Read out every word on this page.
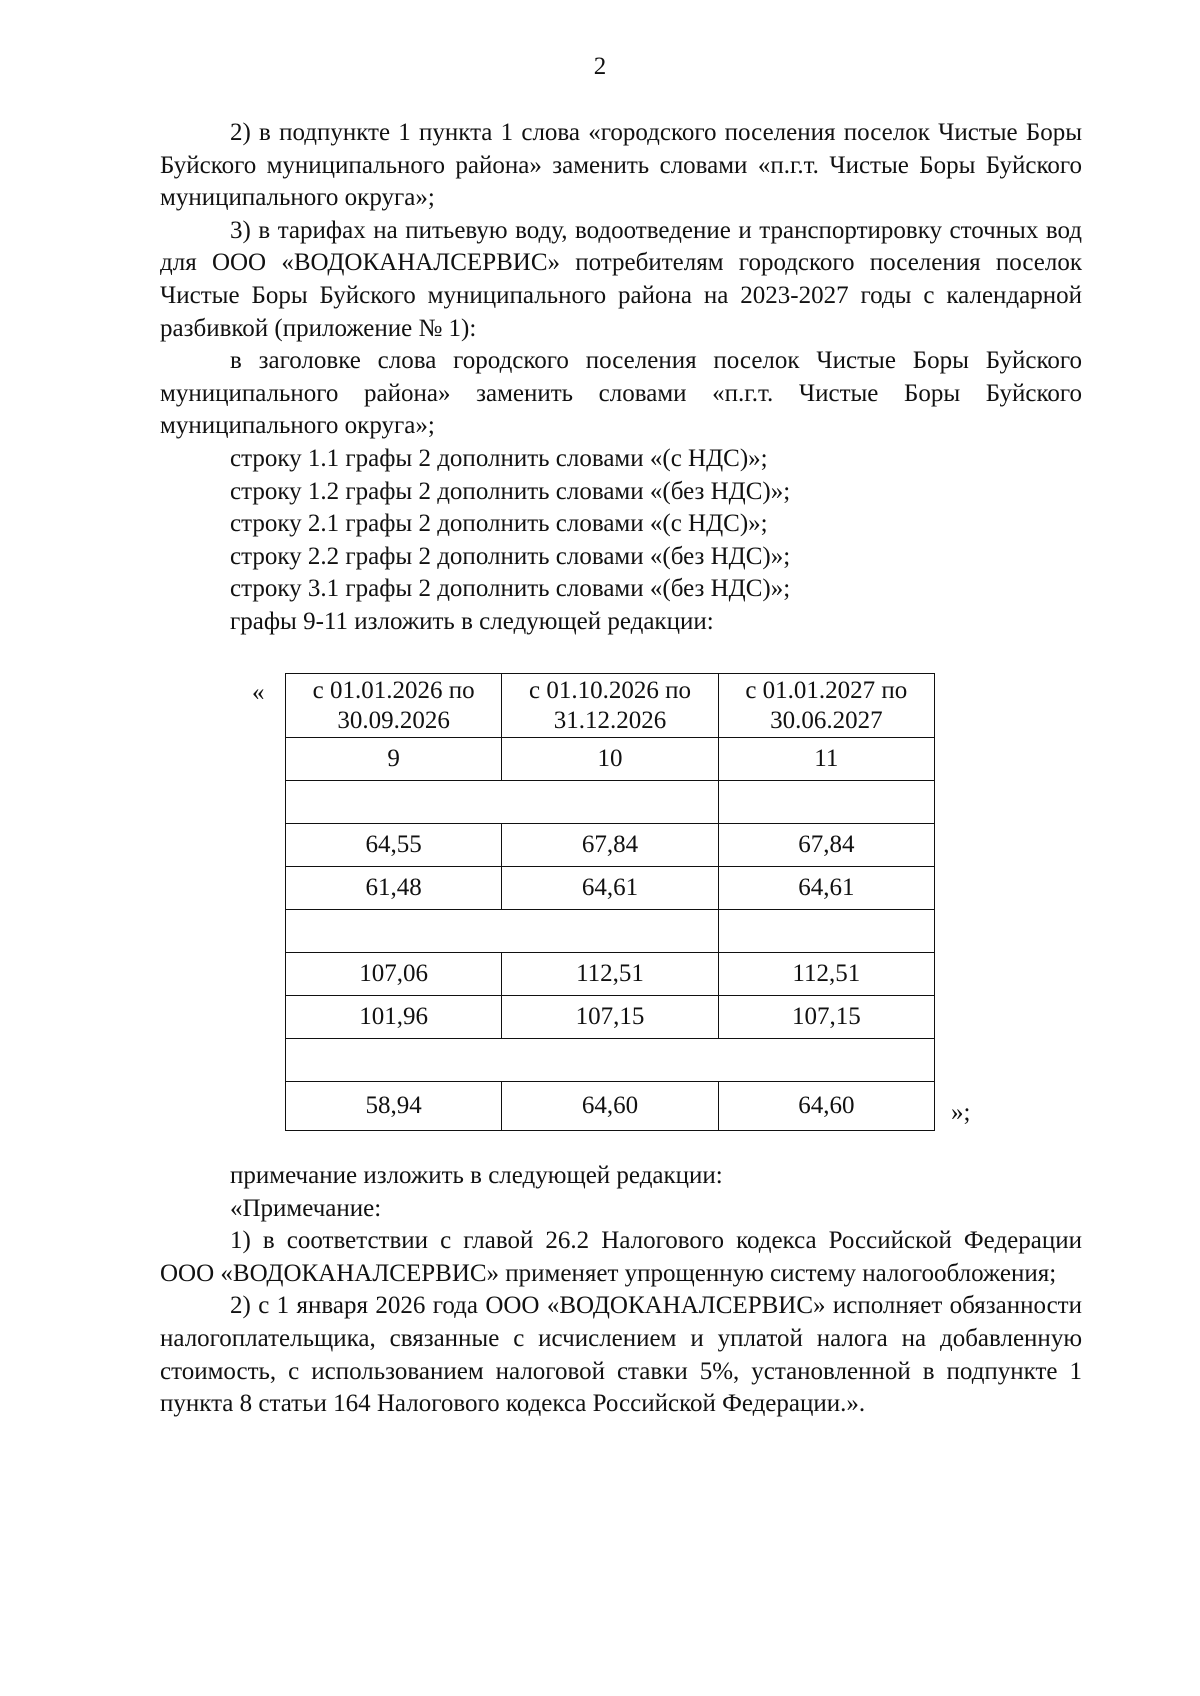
2

2) в подпункте 1 пункта 1 слова «городского поселения поселок Чистые Боры Буйского муниципального района» заменить словами «п.г.т. Чистые Боры Буйского муниципального округа»;

3) в тарифах на питьевую воду, водоотведение и транспортировку сточных вод для ООО «ВОДОКАНАЛСЕРВИС» потребителям городского поселения поселок Чистые Боры Буйского муниципального района на 2023-2027 годы с календарной разбивкой (приложение № 1):

в заголовке слова городского поселения поселок Чистые Боры Буйского муниципального района» заменить словами «п.г.т. Чистые Боры Буйского муниципального округа»;

строку 1.1 графы 2 дополнить словами «(с НДС)»;

строку 1.2 графы 2 дополнить словами «(без НДС)»;

строку 2.1 графы 2 дополнить словами «(с НДС)»;

строку 2.2 графы 2 дополнить словами «(без НДС)»;

строку 3.1 графы 2 дополнить словами «(без НДС)»;

графы 9-11 изложить в следующей редакции:

« с 01.01.2026 по 30.09.2026	с 01.10.2026 по 31.12.2026	с 01.01.2027 по 30.06.2027
9	10	11

64,55	67,84	67,84
61,48	64,61	64,61

107,06	112,51	112,51
101,96	107,15	107,15

58,94	64,60	64,60	»;

примечание изложить в следующей редакции:

«Примечание:

1) в соответствии с главой 26.2 Налогового кодекса Российской Федерации ООО «ВОДОКАНАЛСЕРВИС» применяет упрощенную систему налогообложения;

2) с 1 января 2026 года ООО «ВОДОКАНАЛСЕРВИС» исполняет обязанности налогоплательщика, связанные с исчислением и уплатой налога на добавленную стоимость, с использованием налоговой ставки 5%, установленной в подпункте 1 пункта 8 статьи 164 Налогового кодекса Российской Федерации.».
